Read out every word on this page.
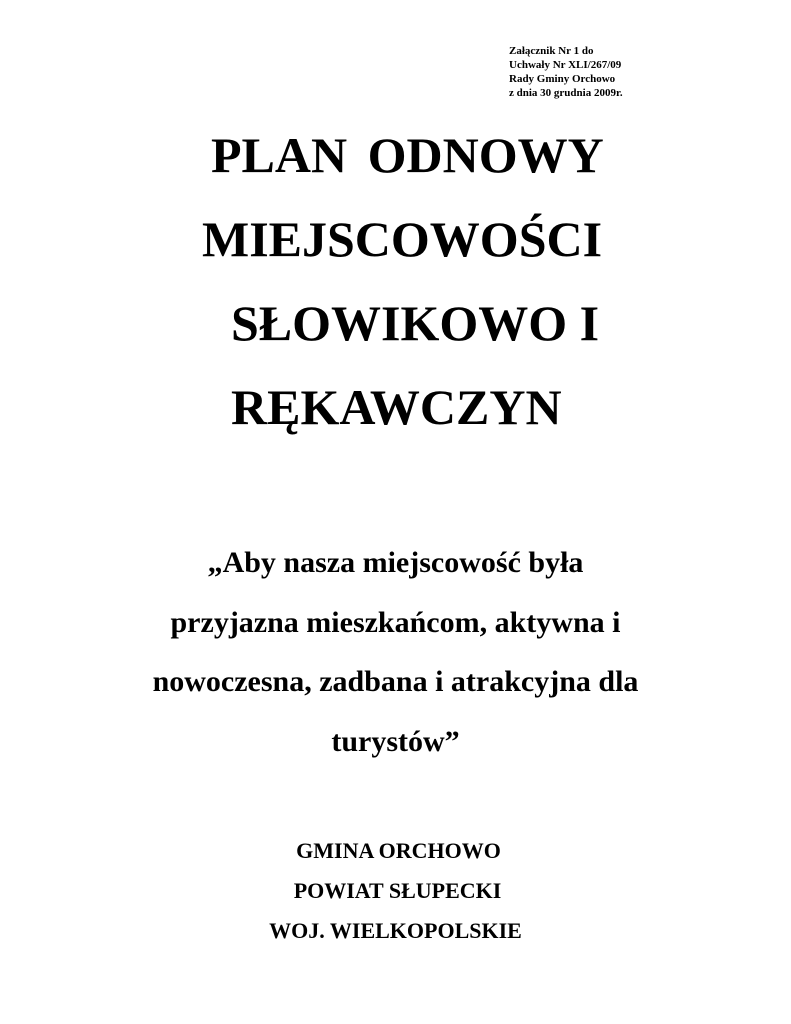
Załącznik Nr 1 do
Uchwały Nr XLI/267/09
Rady Gminy Orchowo
z dnia 30 grudnia 2009r.
PLAN ODNOWY
MIEJSCOWOŚCI
SŁOWIKOWO I
RĘKAWCZYN
„Aby nasza miejscowość była
przyjazna mieszkańcom, aktywna i
nowoczesna, zadbana i atrakcyjna dla
turystów”
GMINA ORCHOWO
POWIAT SŁUPECKI
WOJ. WIELKOPOLSKIE
